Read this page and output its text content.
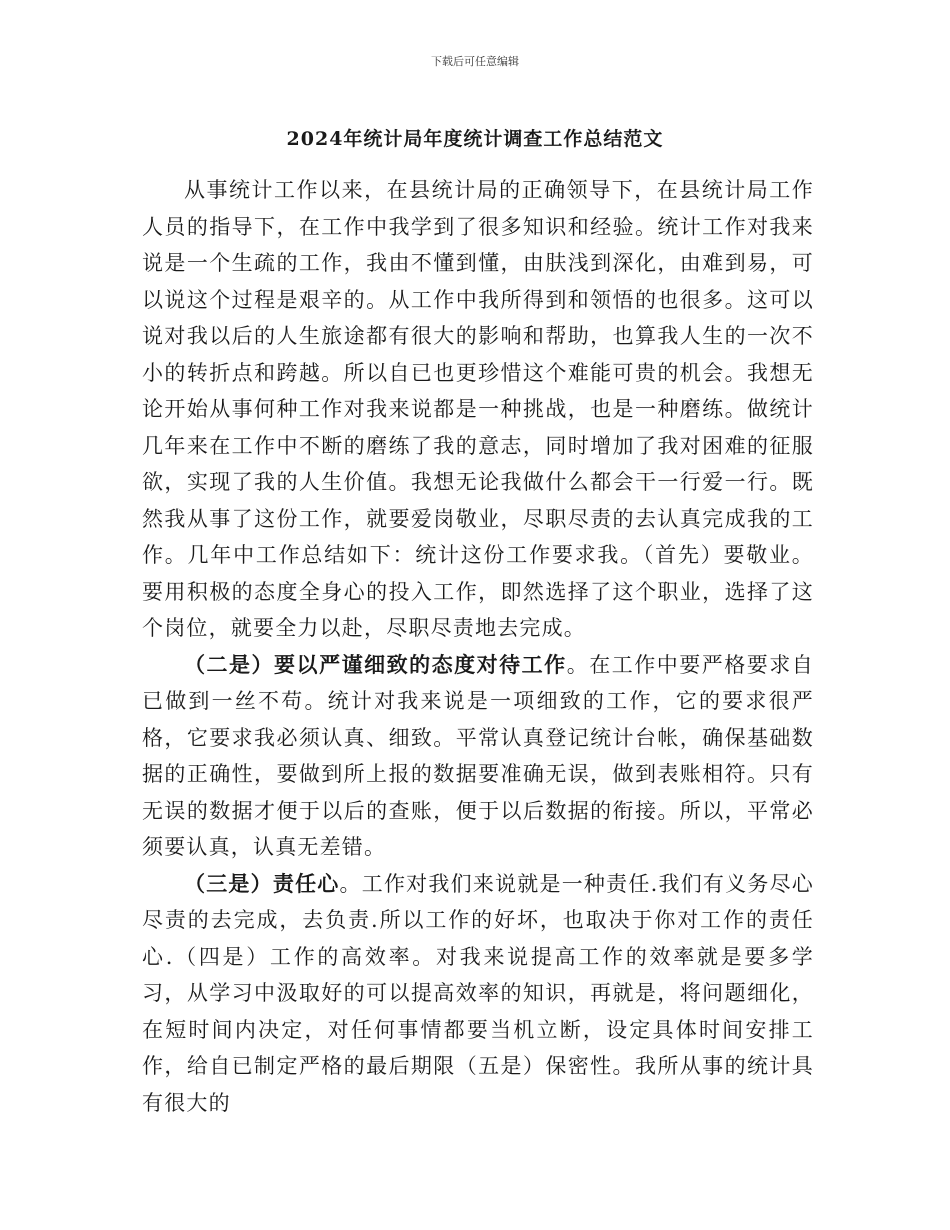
下载后可任意编辑
2024年统计局年度统计调查工作总结范文

从事统计工作以来，在县统计局的正确领导下，在县统计局工作人员的指导下，在工作中我学到了很多知识和经验。统计工作对我来说是一个生疏的工作，我由不懂到懂，由肤浅到深化，由难到易，可以说这个过程是艰辛的。从工作中我所得到和领悟的也很多。这可以说对我以后的人生旅途都有很大的影响和帮助，也算我人生的一次不小的转折点和跨越。所以自已也更珍惜这个难能可贵的机会。我想无论开始从事何种工作对我来说都是一种挑战，也是一种磨练。做统计几年来在工作中不断的磨练了我的意志，同时增加了我对困难的征服欲，实现了我的人生价值。我想无论我做什么都会干一行爱一行。既然我从事了这份工作，就要爱岗敬业，尽职尽责的去认真完成我的工作。几年中工作总结如下：统计这份工作要求我。（首先）要敬业。要用积极的态度全身心的投入工作，即然选择了这个职业，选择了这个岗位，就要全力以赴，尽职尽责地去完成。

（二是）要以严谨细致的态度对待工作。在工作中要严格要求自已做到一丝不苟。统计对我来说是一项细致的工作，它的要求很严格，它要求我必须认真、细致。平常认真登记统计台帐，确保基础数据的正确性，要做到所上报的数据要准确无误，做到表账相符。只有无误的数据才便于以后的查账，便于以后数据的衔接。所以，平常必须要认真，认真无差错。

（三是）责任心。工作对我们来说就是一种责任.我们有义务尽心尽责的去完成，去负责.所以工作的好坏，也取决于你对工作的责任心.（四是）工作的高效率。对我来说提高工作的效率就是要多学习，从学习中汲取好的可以提高效率的知识，再就是，将问题细化，在短时间内决定，对任何事情都要当机立断，设定具体时间安排工作，给自已制定严格的最后期限（五是）保密性。我所从事的统计具有很大的
